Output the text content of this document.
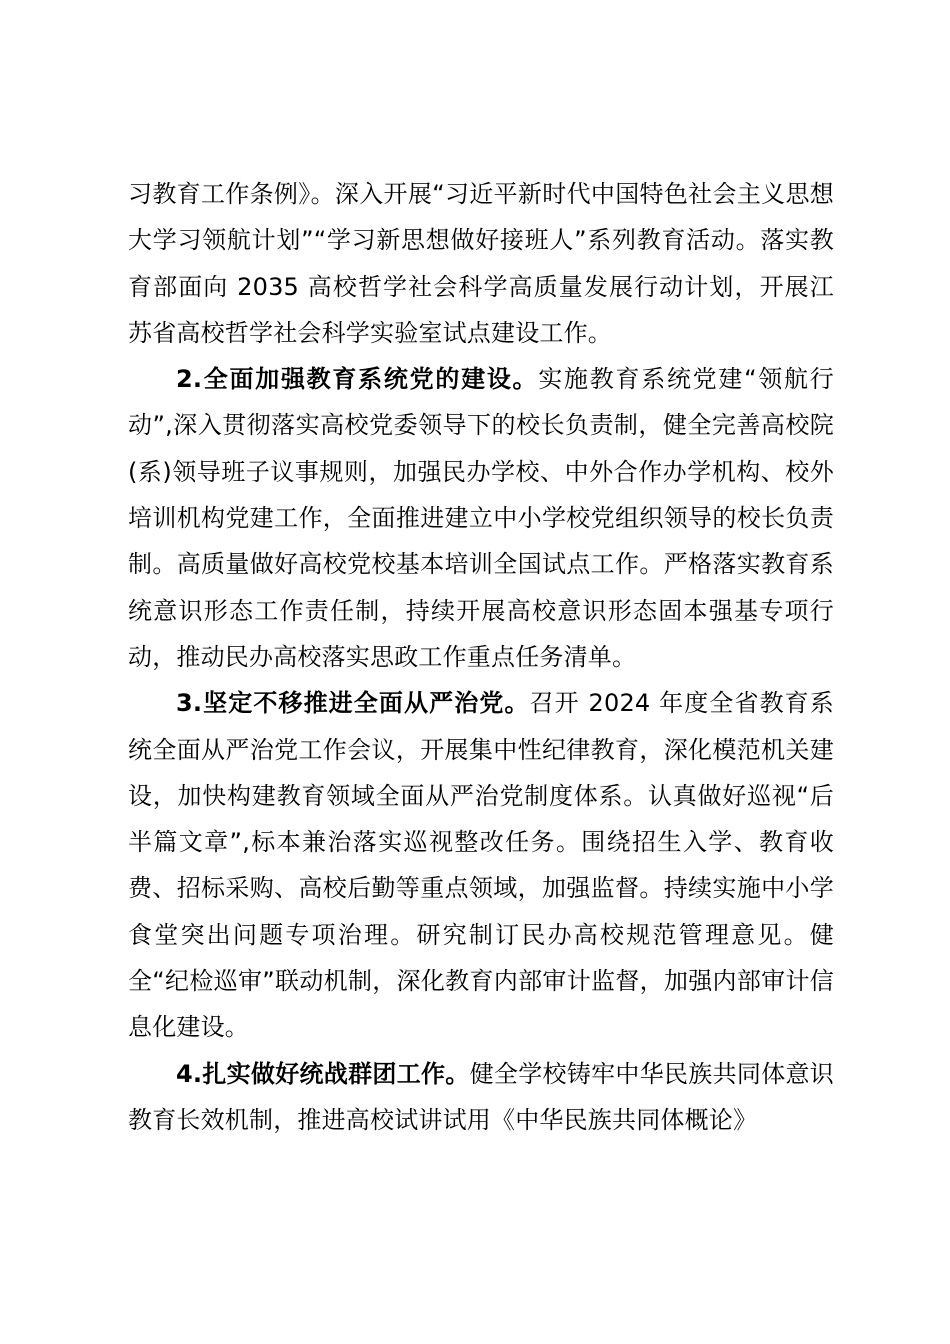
习教育工作条例》。深入开展“习近平新时代中国特色社会主义思想大学习领航计划”“学习新思想做好接班人”系列教育活动。落实教育部面向 2035 高校哲学社会科学高质量发展行动计划，开展江苏省高校哲学社会科学实验室试点建设工作。

2.全面加强教育系统党的建设。实施教育系统党建“领航行动”,深入贯彻落实高校党委领导下的校长负责制，健全完善高校院(系)领导班子议事规则，加强民办学校、中外合作办学机构、校外培训机构党建工作，全面推进建立中小学校党组织领导的校长负责制。高质量做好高校党校基本培训全国试点工作。严格落实教育系统意识形态工作责任制，持续开展高校意识形态固本强基专项行动，推动民办高校落实思政工作重点任务清单。

3.坚定不移推进全面从严治党。召开 2024 年度全省教育系统全面从严治党工作会议，开展集中性纪律教育，深化模范机关建设，加快构建教育领域全面从严治党制度体系。认真做好巡视“后半篇文章”,标本兼治落实巡视整改任务。围绕招生入学、教育收费、招标采购、高校后勤等重点领域，加强监督。持续实施中小学食堂突出问题专项治理。研究制订民办高校规范管理意见。健全“纪检巡审”联动机制，深化教育内部审计监督，加强内部审计信息化建设。

4.扎实做好统战群团工作。健全学校铸牢中华民族共同体意识教育长效机制，推进高校试讲试用《中华民族共同体概论》
